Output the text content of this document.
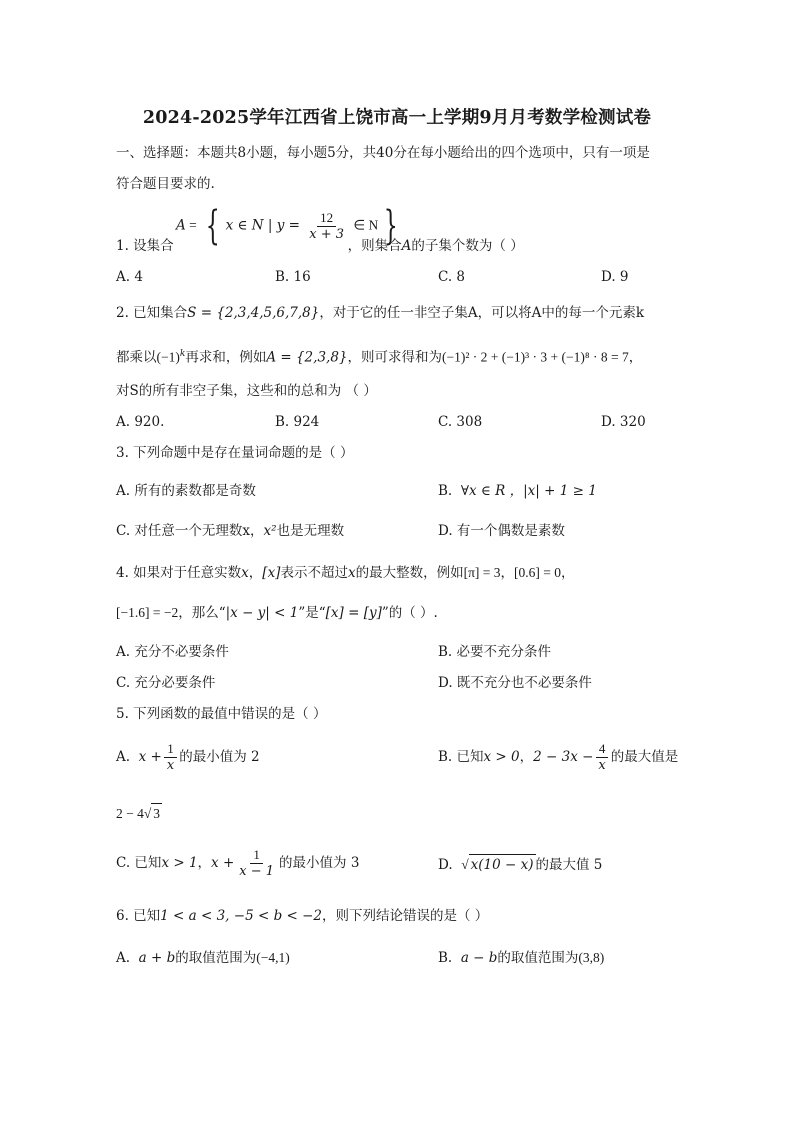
2024-2025学年江西省上饶市高一上学期9月月考数学检测试卷
一、选择题：本题共8小题，每小题5分，共40分在每小题给出的四个选项中，只有一项是
符合题目要求的.
A = { x ∈ N | $y = \frac{12}{x + 3}$ ∈ N }
1. 设集合	，则集合A的子集个数为（ ）
A. 4	B. 16	C. 8	D. 9
2. 已知集合S = {2,3,4,5,6,7,8}，对于它的任一非空子集A，可以将A中的每一个元素k
都乘以$(-1)^k$再求和，例如A = {2,3,8}，则可求得和为(−1)² · 2 + (−1)³ · 3 + (−1)⁸ · 8 = 7，
对S的所有非空子集，这些和的总和为 （ ）
A. 920.	B. 924	C. 308	D. 320
3. 下列命题中是存在量词命题的是（ ）
A. 所有的素数都是奇数	B. ∀x ∈ R ，|x| + 1 ≥ 1
C. 对任意一个无理数x，x²也是无理数	D. 有一个偶数是素数
4. 如果对于任意实数x，[x]表示不超过x的最大整数，例如[π] = 3，[0.6] = 0，
[−1.6] = −2，那么“|x − y| < 1”是“[x] = [y]”的（ ）.
A. 充分不必要条件	B. 必要不充分条件
C. 充分必要条件	D. 既不充分也不必要条件
5. 下列函数的最值中错误的是（ ）
A. $x + \frac{1}{x}$ 的最小值为 2	B. 已知x > 0，$2 - 3x - \frac{4}{x}$ 的最大值是
2 − 4√ 3
C. 已知x > 1，$x + \frac{1}{x - 1}$ 的最小值为 3	D. √ x(10 − x) 的最大值 5
6. 已知1 < a < 3, −5 < b < −2，则下列结论错误的是（ ）
A. a + b的取值范围为(−4,1)	B. a − b的取值范围为(3,8)
